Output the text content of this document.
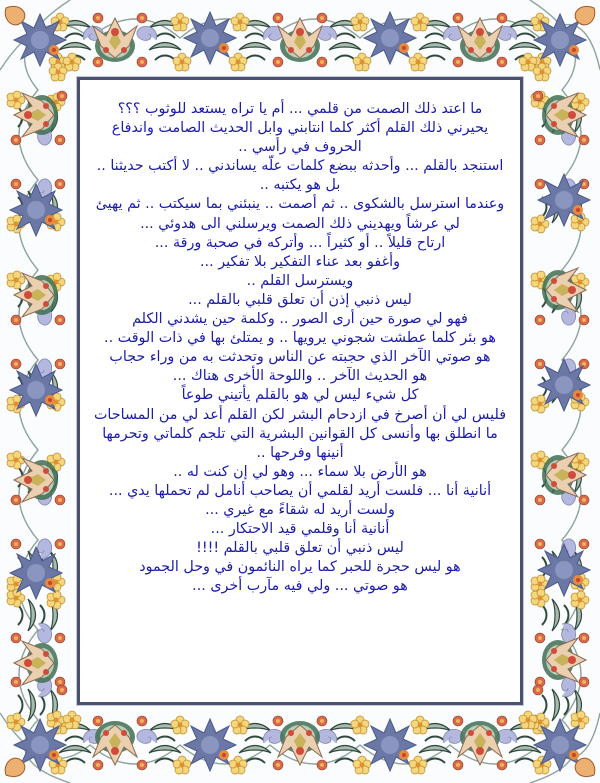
ما اعتد ذلك الصمت من قلمي ... أم يا تراه يستعد للوثوب ؟؟؟
يحيرني ذلك القلم أكثر كلما انتابني وابل الحديث الصامت واندفاع الحروف في رأسي ..
استنجد بالقلم ... وأحدثه ببضع كلمات علّه يساندني .. لا أكتب حديثنا .. بل هو يكتبه ..
وعندما استرسل بالشكوى .. ثم أصمت .. ينبئني بما سيكتب .. ثم يهيئ لي عرشاً ويهديني ذلك الصمت ويرسلني الى هدوئي ...
ارتاح قليلاً .. أو كثيراً ... وأتركه في صحبة ورقة ...
وأغفو بعد عناء التفكير بلا تفكير ...
ويسترسل القلم ..
ليس ذنبي إذن أن تعلق قلبي بالقلم ...
فهو لي صورة حين أرى الصور .. وكلمة حين يشدني الكلم
هو بئر كلما عطشت شجوني يرويها .. و يمتلئ بها في ذات الوقت ..
هو صوتي الآخر الذي حجبته عن الناس وتحدثت به من وراء حجاب
هو الحديث الآخر .. واللوحة الأخرى هناك ...
كل شيء ليس لي هو بالقلم يأتيني طوعاً
فليس لي أن أصرخ في ازدحام البشر لكن القلم أعد لي من المساحات ما انطلق بها وأنسى كل القوانين البشرية التي تلجم كلماتي وتحرمها أنينها وفرحها ..
هو الأرض بلا سماء ... وهو لي إن كنت له ..
أنانية أنا ... فلست أريد لقلمي أن يصاحب أنامل لم تحملها يدي ...
ولست أريد له شقاءً مع غيري ...
أنانية أنا وقلمي قيد الاحتكار ...
ليس ذنبي أن تعلق قلبي بالقلم !!!!
هو ليس حجرة للحبر كما يراه النائمون في وحل الجمود
هو صوتي ... ولي فيه مآرب أخرى ...
